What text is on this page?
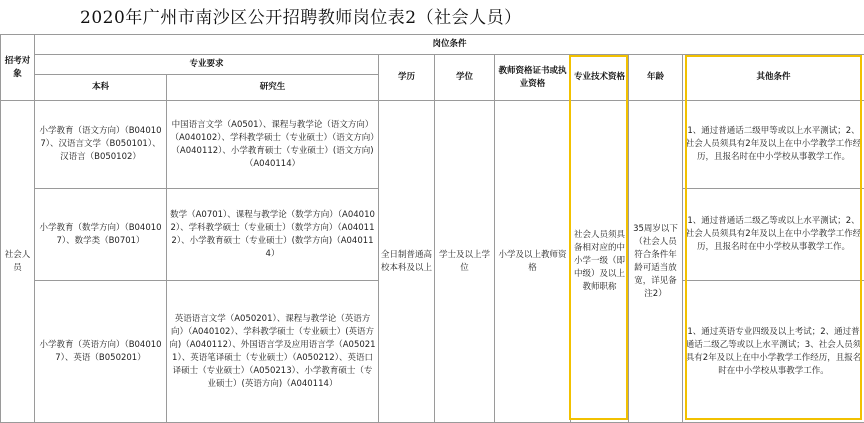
2020年广州市南沙区公开招聘教师岗位表2（社会人员）
招考对象	岗位条件							
	专业要求		学历	学位	教师资格证书或执业资格	专业技术资格	年龄	其他条件
	本科	研究生						
社会人员	小学教育（语文方向）（B040107）、汉语言文学（B050101）、汉语言（B050102）	中国语言文学（A0501）、课程与教学论（语文方向）（A040102）、学科教学硕士（专业硕士）（语文方向）（A040112）、小学教育硕士（专业硕士）(语文方向)（A040114）	全日制普通高校本科及以上	学士及以上学位	小学及以上教师资格	社会人员须具备相对应的中小学一级（即中级）及以上教师职称	35周岁以下（社会人员符合条件年龄可适当放宽，详见备注2）	1、通过普通话二级甲等或以上水平测试；2、社会人员须具有2年及以上在中小学教学工作经历，且报名时在中小学校从事教学工作。
	小学教育（数学方向）（B040107）、数学类（B0701）	数学（A0701）、课程与教学论（数学方向）（A040102）、学科教学硕士（专业硕士）（数学方向）（A040112）、小学教育硕士（专业硕士）(数学方向)（A040114）						1、通过普通话二级乙等或以上水平测试；2、社会人员须具有2年及以上在中小学教学工作经历，且报名时在中小学校从事教学工作。
	小学教育（英语方向）（B040107）、英语（B050201）	英语语言文学（A050201）、课程与教学论（英语方向）（A040102）、学科教学硕士（专业硕士）(英语方向)（A040112）、外国语言学及应用语言学（A050211）、英语笔译硕士（专业硕士）（A050212）、英语口译硕士（专业硕士）（A050213）、小学教育硕士（专业硕士）(英语方向)（A040114）						1、通过英语专业四级及以上考试；2、通过普通话二级乙等或以上水平测试；3、社会人员须具有2年及以上在中小学教学工作经历，且报名时在中小学校从事教学工作。
